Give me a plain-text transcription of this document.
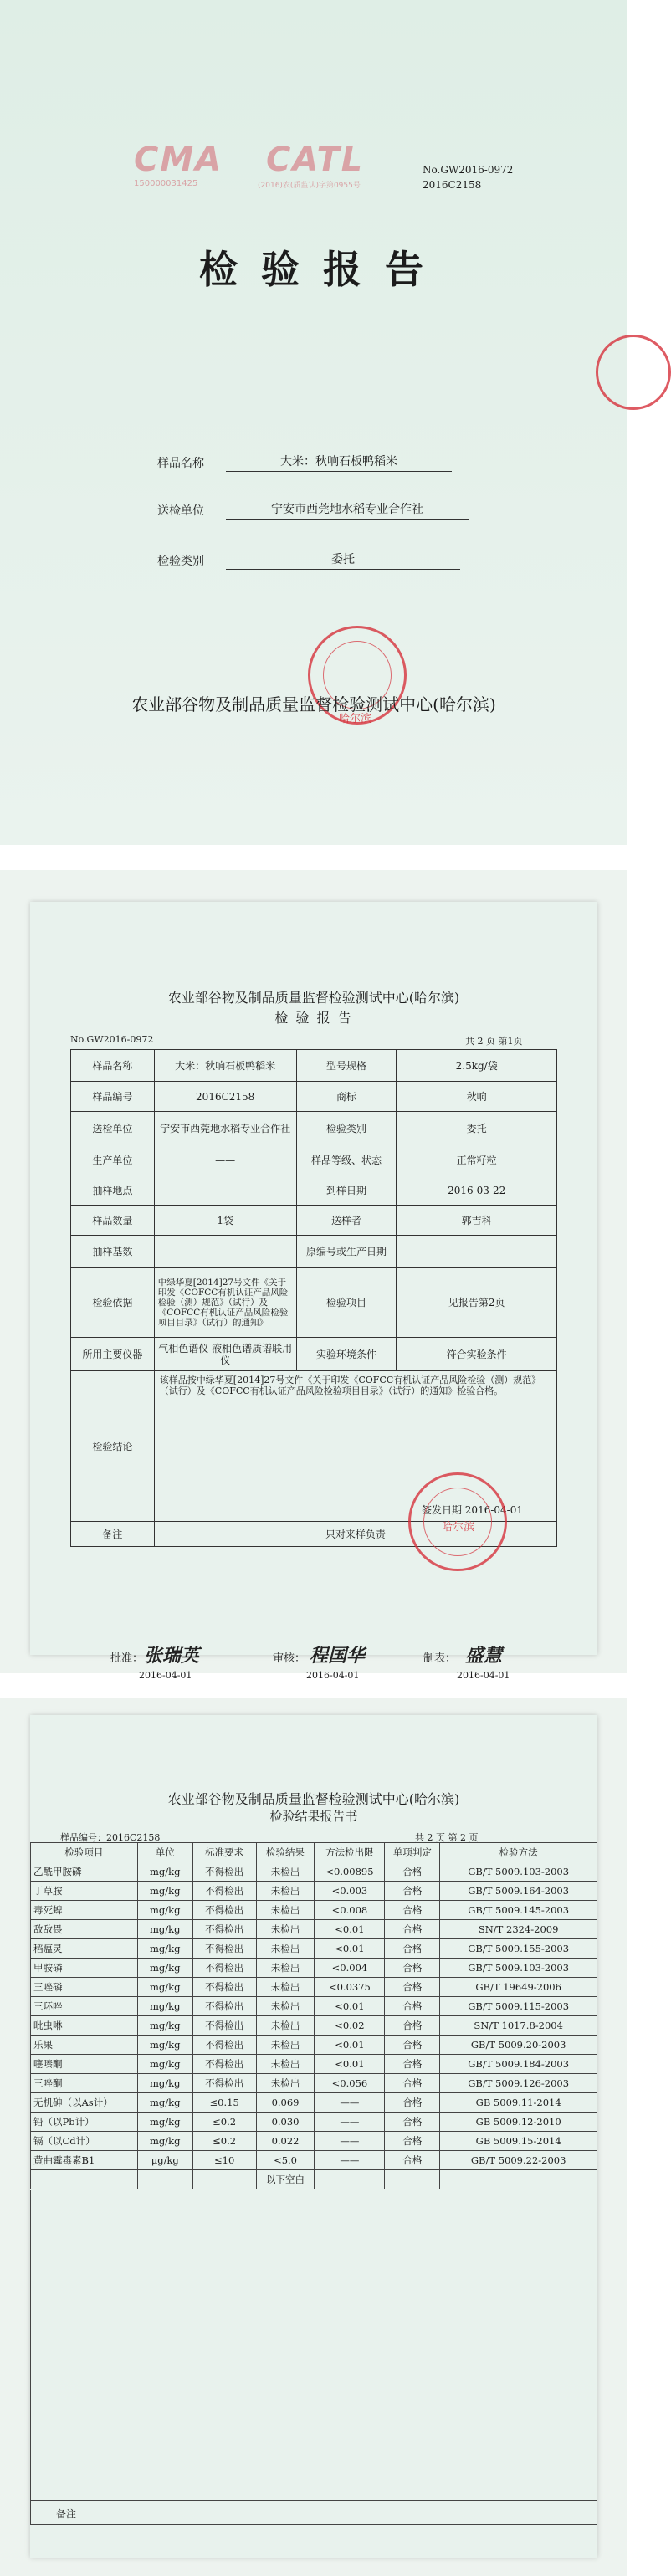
CMA
150000031425
CATL
(2016)农(质监认)字第0955号
No.GW2016-0972
2016C2158
检 验 报 告
样品名称	大米：秋响石板鸭稻米
送检单位	宁安市西莞地水稻专业合作社
检验类别	委托
哈尔滨
农业部谷物及制品质量监督检验测试中心(哈尔滨)
农业部谷物及制品质量监督检验测试中心(哈尔滨)
检 验 报 告
No.GW2016-0972	共 2 页 第1页
样品名称	大米：秋响石板鸭稻米	型号规格	2.5kg/袋
样品编号	2016C2158	商标	秋响
送检单位	宁安市西莞地水稻专业合作社	检验类别	委托
生产单位	——	样品等级、状态	正常籽粒
抽样地点	——	到样日期	2016-03-22
样品数量	1袋	送样者	郭吉科
抽样基数	——	原编号或生产日期	——
检验依据	中绿华夏[2014]27号文件《关于印发《COFCC有机认证产品风险检验（测）规范》（试行）及《COFCC有机认证产品风险检验项目目录》（试行）的通知》	检验项目	见报告第2页
所用主要仪器	气相色谱仪 液相色谱质谱联用仪	实验环境条件	符合实验条件
检验结论	该样品按中绿华夏[2014]27号文件《关于印发《COFCC有机认证产品风险检验（测）规范》（试行）及《COFCC有机认证产品风险检验项目目录》（试行）的通知》检验合格。
签发日期 2016-04-01		

备注	只对来样负责		
哈尔滨
批准： 张瑞英	审核： 程国华	制表： 盛慧
2016-04-01	2016-04-01	2016-04-01
农业部谷物及制品质量监督检验测试中心(哈尔滨)
检验结果报告书
样品编号：2016C2158	共 2 页 第 2 页
检验项目	单位	标准要求	检验结果	方法检出限	单项判定	检验方法
乙酰甲胺磷	mg/kg	不得检出	未检出	<0.00895	合格	GB/T 5009.103-2003
丁草胺	mg/kg	不得检出	未检出	<0.003	合格	GB/T 5009.164-2003
毒死蜱	mg/kg	不得检出	未检出	<0.008	合格	GB/T 5009.145-2003
敌敌畏	mg/kg	不得检出	未检出	<0.01	合格	SN/T 2324-2009
稻瘟灵	mg/kg	不得检出	未检出	<0.01	合格	GB/T 5009.155-2003
甲胺磷	mg/kg	不得检出	未检出	<0.004	合格	GB/T 5009.103-2003
三唑磷	mg/kg	不得检出	未检出	<0.0375	合格	GB/T 19649-2006
三环唑	mg/kg	不得检出	未检出	<0.01	合格	GB/T 5009.115-2003
吡虫啉	mg/kg	不得检出	未检出	<0.02	合格	SN/T 1017.8-2004
乐果	mg/kg	不得检出	未检出	<0.01	合格	GB/T 5009.20-2003
噻嗪酮	mg/kg	不得检出	未检出	<0.01	合格	GB/T 5009.184-2003
三唑酮	mg/kg	不得检出	未检出	<0.056	合格	GB/T 5009.126-2003
无机砷（以As计）	mg/kg	≤0.15	0.069	——	合格	GB 5009.11-2014
铅（以Pb计）	mg/kg	≤0.2	0.030	——	合格	GB 5009.12-2010
镉（以Cd计）	mg/kg	≤0.2	0.022	——	合格	GB 5009.15-2014
黄曲霉毒素B1	μg/kg	≤10	<5.0	——	合格	GB/T 5009.22-2003
			以下空白			
备注
